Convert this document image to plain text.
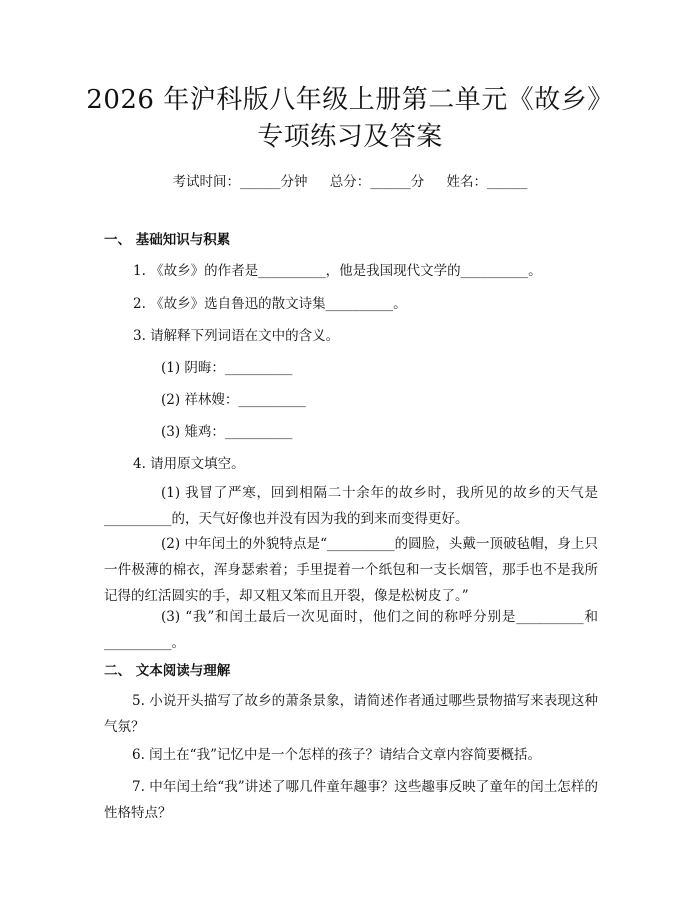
2026 年沪科版八年级上册第二单元《故乡》
专项练习及答案
考试时间：______分钟 总分：______分 姓名：______
一、 基础知识与积累
1. 《故乡》的作者是__________，他是我国现代文学的__________。
2. 《故乡》选自鲁迅的散文诗集__________。
3. 请解释下列词语在文中的含义。
(1) 阴晦：__________
(2) 祥林嫂：__________
(3) 雉鸡：__________
4. 请用原文填空。
(1) 我冒了严寒，回到相隔二十余年的故乡时，我所见的故乡的天气是__________的，天气好像也并没有因为我的到来而变得更好。
(2) 中年闰土的外貌特点是“__________的圆脸，头戴一顶破毡帽，身上只一件极薄的棉衣，浑身瑟索着；手里提着一个纸包和一支长烟管，那手也不是我所记得的红活圆实的手，却又粗又笨而且开裂，像是松树皮了。”
(3) “我”和闰土最后一次见面时，他们之间的称呼分别是__________和__________。
二、 文本阅读与理解
5. 小说开头描写了故乡的萧条景象，请简述作者通过哪些景物描写来表现这种气氛？
6. 闰土在“我”记忆中是一个怎样的孩子？请结合文章内容简要概括。
7. 中年闰土给“我”讲述了哪几件童年趣事？这些趣事反映了童年的闰土怎样的性格特点？
